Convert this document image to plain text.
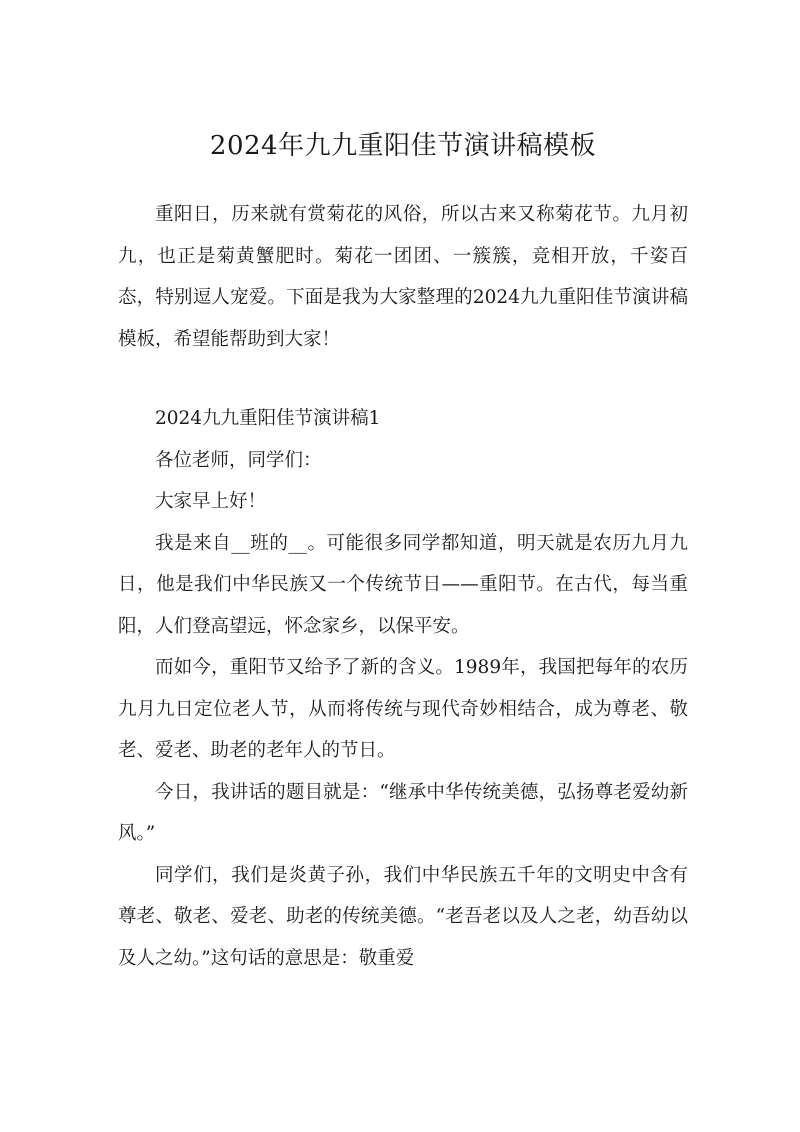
2024年九九重阳佳节演讲稿模板

重阳日，历来就有赏菊花的风俗，所以古来又称菊花节。九月初九，也正是菊黄蟹肥时。菊花一团团、一簇簇，竞相开放，千姿百态，特别逗人宠爱。下面是我为大家整理的2024九九重阳佳节演讲稿模板，希望能帮助到大家！

2024九九重阳佳节演讲稿1

各位老师，同学们：

大家早上好！

我是来自__班的__。可能很多同学都知道，明天就是农历九月九日，他是我们中华民族又一个传统节日——重阳节。在古代，每当重阳，人们登高望远，怀念家乡，以保平安。

而如今，重阳节又给予了新的含义。1989年，我国把每年的农历九月九日定位老人节，从而将传统与现代奇妙相结合，成为尊老、敬老、爱老、助老的老年人的节日。

今日，我讲话的题目就是：“继承中华传统美德，弘扬尊老爱幼新风。”

同学们，我们是炎黄子孙，我们中华民族五千年的文明史中含有尊老、敬老、爱老、助老的传统美德。“老吾老以及人之老，幼吾幼以及人之幼。”这句话的意思是：敬重爱
